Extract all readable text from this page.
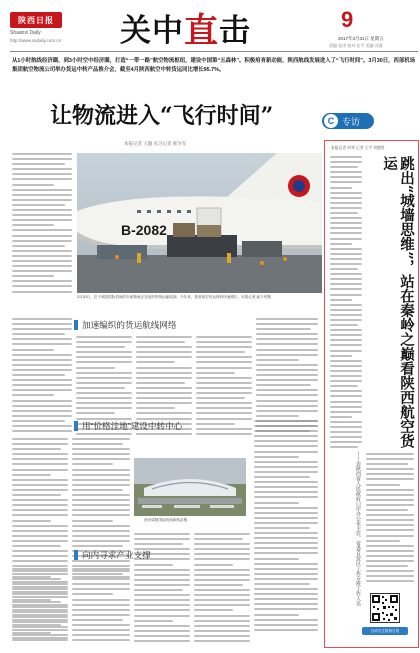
陕西日报
Shaanxi Daily
http://www.sxdaily.com.cn 关中 直 击	9
2017年3月31日 星期五
责编 张岗 校对 宏平 美编 冯强
从1小时航线经济圈，到3小时空中经济圈，打造“一带一路”航空物流枢纽，建设中国第“五森林”。积极培育新动能，陕西航线发展进入了“飞行时间”。3月30日，西部机场集团航空物流公司举办货运中转产品推介会，截至4月陕西航空中转货运同比增长95.7%。
让物流进入“飞行时间”	C 专访
本报记者 王璇 见习记者 郝少军
B-2082
3月30日，位于咸阳国际机场的东航物流正在组织货物运输装卸。今年来，我省航空货运保持快速增长。本报记者 郝少军摄
加速编织的货运航线网络
用“价格洼地”建设中转中心
西安咸阳国际机场新航站楼
向内寻求产业支撑
本报记者 何琴 记者 王宇 刘德营
跳出“城墙思维”，站在秦岭之巅看陕西航空货运
——访陕西省人民政府口岸办公室主任、省委自贸区工作专班工作人员
扫码关注陕西日报
